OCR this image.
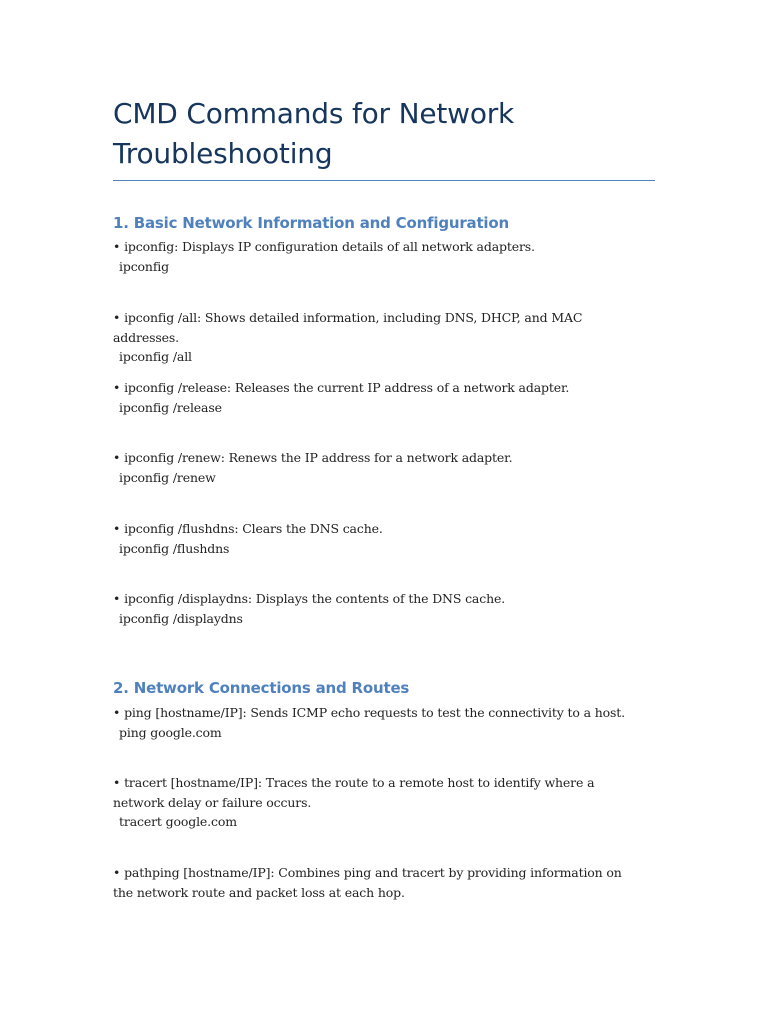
CMD Commands for Network Troubleshooting
1. Basic Network Information and Configuration

• ipconfig: Displays IP configuration details of all network adapters.

ipconfig

• ipconfig /all: Shows detailed information, including DNS, DHCP, and MAC addresses.

ipconfig /all

• ipconfig /release: Releases the current IP address of a network adapter.

ipconfig /release

• ipconfig /renew: Renews the IP address for a network adapter.

ipconfig /renew

• ipconfig /flushdns: Clears the DNS cache.

ipconfig /flushdns

• ipconfig /displaydns: Displays the contents of the DNS cache.

ipconfig /displaydns

2. Network Connections and Routes

• ping [hostname/IP]: Sends ICMP echo requests to test the connectivity to a host.

ping google.com

• tracert [hostname/IP]: Traces the route to a remote host to identify where a network delay or failure occurs.

tracert google.com

• pathping [hostname/IP]: Combines ping and tracert by providing information on the network route and packet loss at each hop.
